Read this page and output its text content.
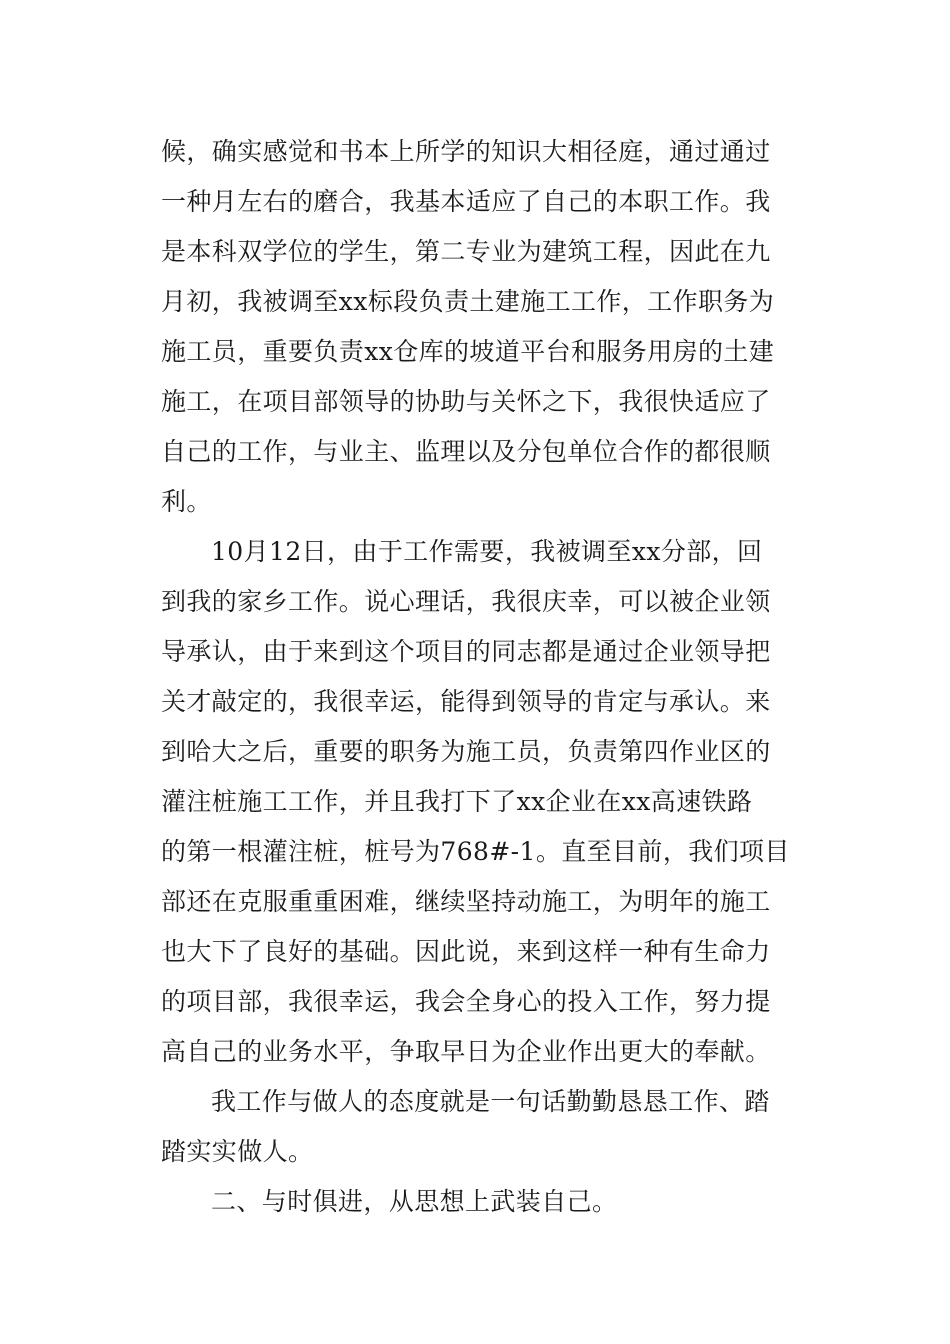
候，确实感觉和书本上所学的知识大相径庭，通过通过
一种月左右的磨合，我基本适应了自己的本职工作。我
是本科双学位的学生，第二专业为建筑工程，因此在九
月初，我被调至xx标段负责土建施工工作，工作职务为
施工员，重要负责xx仓库的坡道平台和服务用房的土建
施工，在项目部领导的协助与关怀之下，我很快适应了
自己的工作，与业主、监理以及分包单位合作的都很顺
利。
10月12日，由于工作需要，我被调至xx分部，回
到我的家乡工作。说心理话，我很庆幸，可以被企业领
导承认，由于来到这个项目的同志都是通过企业领导把
关才敲定的，我很幸运，能得到领导的肯定与承认。来
到哈大之后，重要的职务为施工员，负责第四作业区的
灌注桩施工工作，并且我打下了xx企业在xx高速铁路
的第一根灌注桩，桩号为768#-1。直至目前，我们项目
部还在克服重重困难，继续坚持动施工，为明年的施工
也大下了良好的基础。因此说，来到这样一种有生命力
的项目部，我很幸运，我会全身心的投入工作，努力提
高自己的业务水平，争取早日为企业作出更大的奉献。
我工作与做人的态度就是一句话勤勤恳恳工作、踏
踏实实做人。
二、与时俱进，从思想上武装自己。
